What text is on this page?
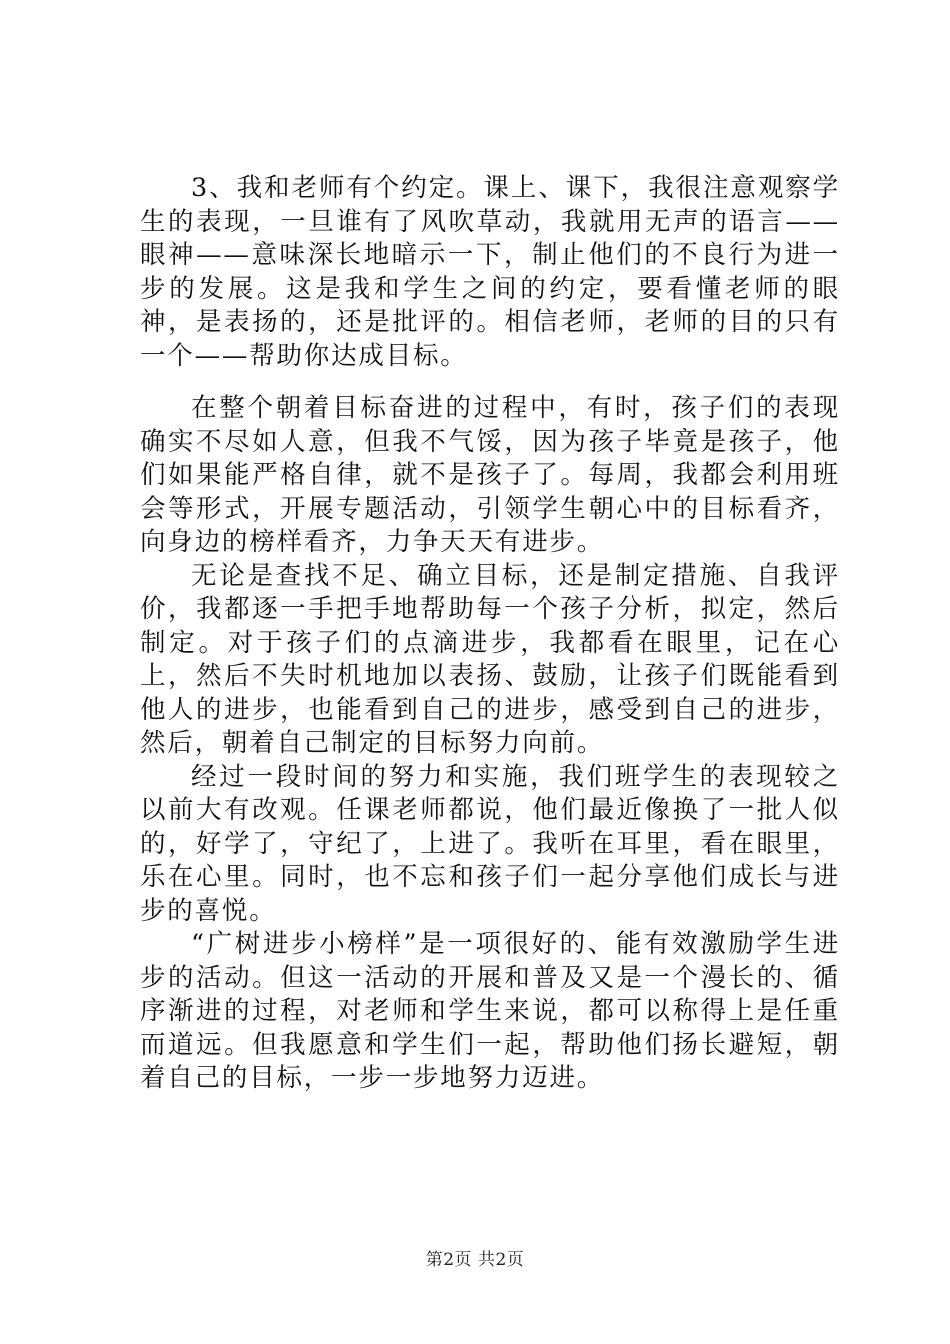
3、我和老师有个约定。课上、课下，我很注意观察学生的表现，一旦谁有了风吹草动，我就用无声的语言——眼神——意味深长地暗示一下，制止他们的不良行为进一步的发展。这是我和学生之间的约定，要看懂老师的眼神，是表扬的，还是批评的。相信老师，老师的目的只有一个——帮助你达成目标。

在整个朝着目标奋进的过程中，有时，孩子们的表现确实不尽如人意，但我不气馁，因为孩子毕竟是孩子，他们如果能严格自律，就不是孩子了。每周，我都会利用班会等形式，开展专题活动，引领学生朝心中的目标看齐，向身边的榜样看齐，力争天天有进步。

无论是查找不足、确立目标，还是制定措施、自我评价，我都逐一手把手地帮助每一个孩子分析，拟定，然后制定。对于孩子们的点滴进步，我都看在眼里，记在心上，然后不失时机地加以表扬、鼓励，让孩子们既能看到他人的进步，也能看到自己的进步，感受到自己的进步，然后，朝着自己制定的目标努力向前。

经过一段时间的努力和实施，我们班学生的表现较之以前大有改观。任课老师都说，他们最近像换了一批人似的，好学了，守纪了，上进了。我听在耳里，看在眼里，乐在心里。同时，也不忘和孩子们一起分享他们成长与进步的喜悦。

“广树进步小榜样”是一项很好的、能有效激励学生进步的活动。但这一活动的开展和普及又是一个漫长的、循序渐进的过程，对老师和学生来说，都可以称得上是任重而道远。但我愿意和学生们一起，帮助他们扬长避短，朝着自己的目标，一步一步地努力迈进。

第2页 共2页
